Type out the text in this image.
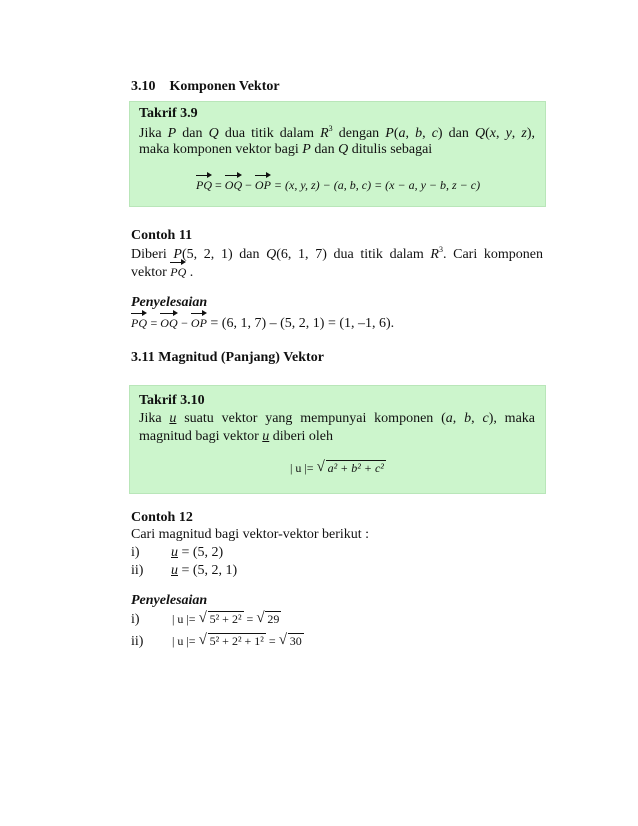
3.10 Komponen Vektor
Takrif 3.9
Jika P dan Q dua titik dalam $R^3$ dengan P(a, b, c) dan Q(x, y, z),
maka komponen vektor bagi P dan Q ditulis sebagai
PQ = OQ − OP = (x, y, z) − (a, b, c) = (x − a, y − b, z − c)
Contoh 11
Diberi P(5, 2, 1) dan Q(6, 1, 7) dua titik dalam $R^3$. Cari komponen
vektor PQ .
Penyelesaian
PQ = OQ − OP = (6, 1, 7) – (5, 2, 1) = (1, –1, 6).
3.11 Magnitud (Panjang) Vektor
Takrif 3.10
Jika u suatu vektor yang mempunyai komponen (a, b, c), maka
magnitud bagi vektor u diberi oleh
| u |= √ a² + b² + c²
Contoh 12
Cari magnitud bagi vektor-vektor berikut :
i) u = (5, 2)
ii) u = (5, 2, 1)
Penyelesaian
i)	| u |= √ 5² + 2² = √ 29
ii) | u |= √ 5² + 2² + 1² = √ 30
